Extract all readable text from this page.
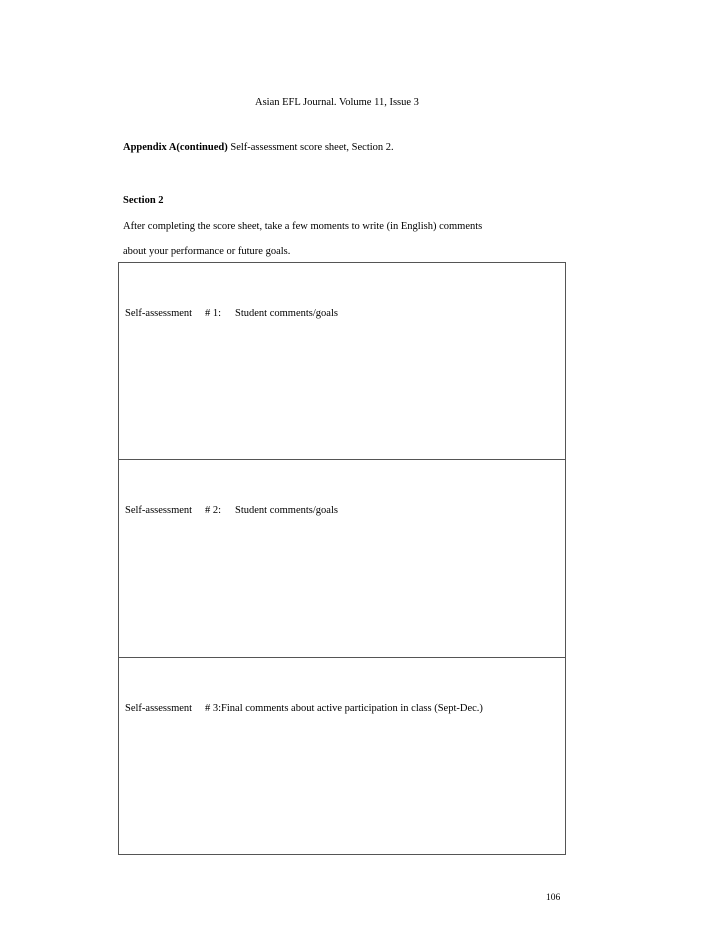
Asian EFL Journal. Volume 11, Issue 3
Appendix A(continued) Self-assessment score sheet, Section 2.
Section 2
After completing the score sheet, take a few moments to write (in English) comments
about your performance or future goals.
Self-assessment # 1: Student comments/goals
Self-assessment # 2: Student comments/goals
Self-assessment # 3:Final comments about active participation in class (Sept-Dec.)
106
